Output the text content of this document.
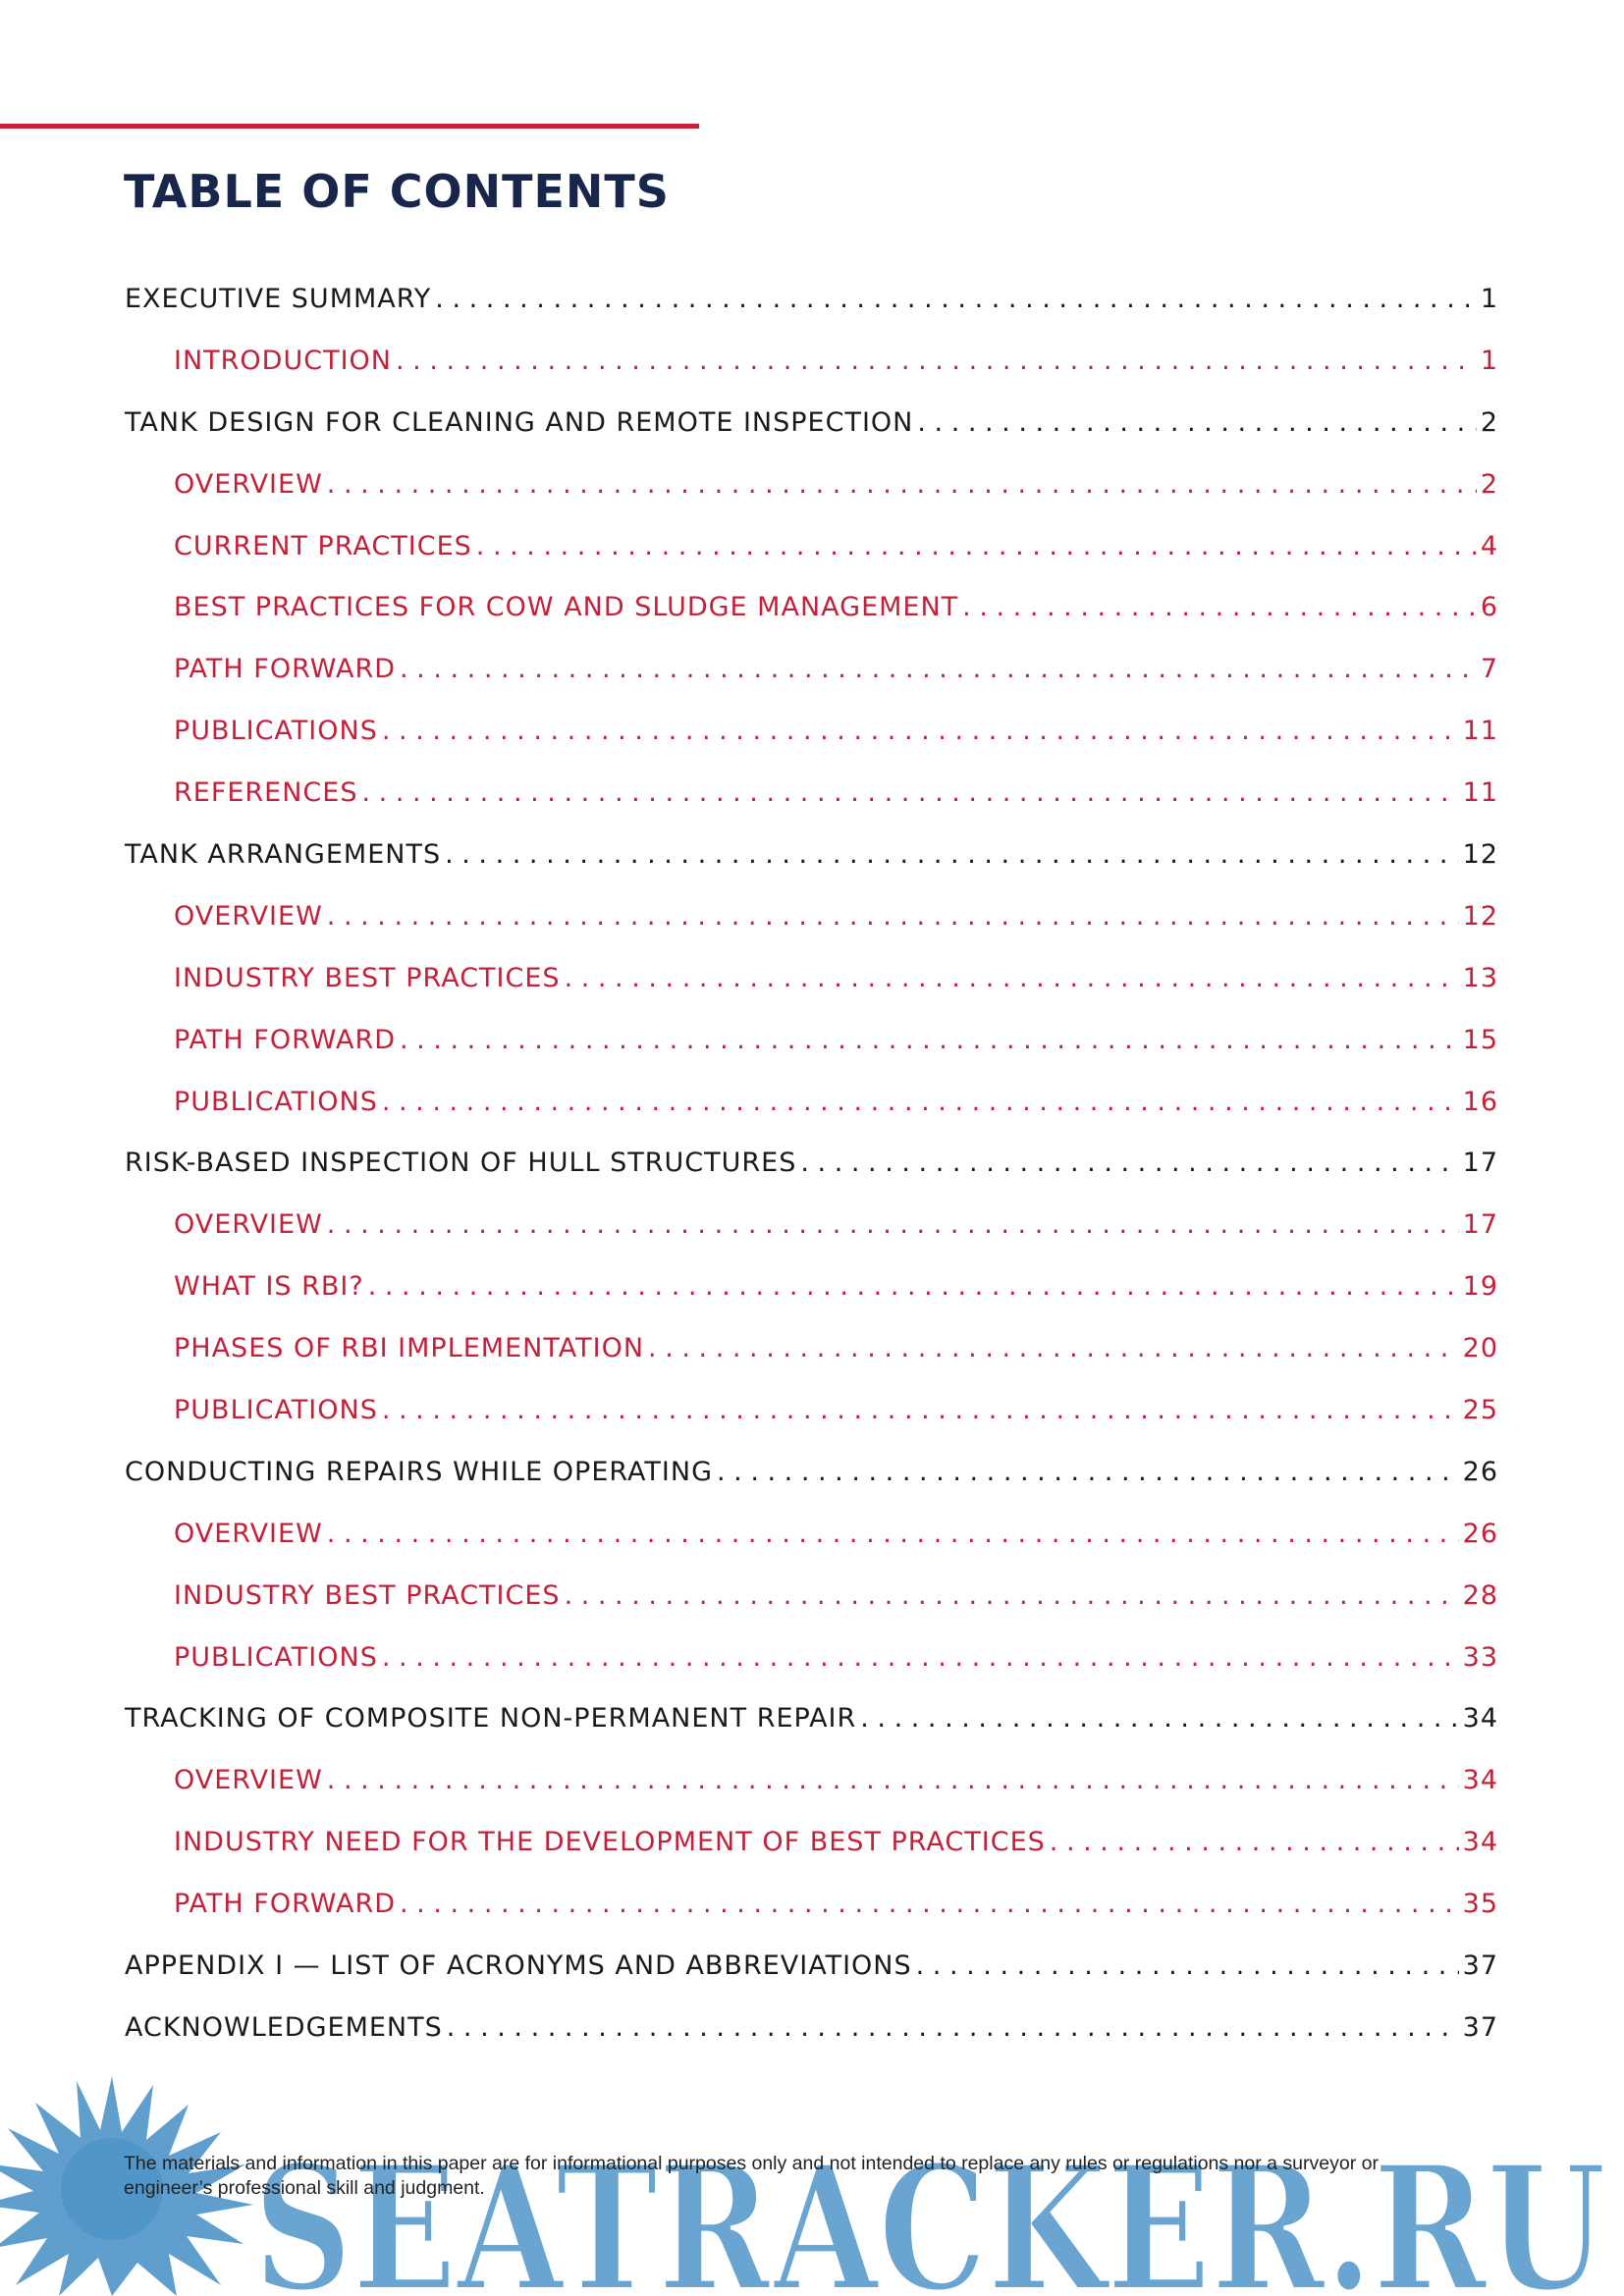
TABLE OF CONTENTS
EXECUTIVE SUMMARY . . .	1
INTRODUCTION . . .	1
TANK DESIGN FOR CLEANING AND REMOTE INSPECTION . . .	2
OVERVIEW . . .	2
CURRENT PRACTICES . . .	4
BEST PRACTICES FOR COW AND SLUDGE MANAGEMENT . . .	6
PATH FORWARD . . .	7
PUBLICATIONS . . .	11
REFERENCES . . .	11
TANK ARRANGEMENTS . . .	12
OVERVIEW . . .	12
INDUSTRY BEST PRACTICES . . .	13
PATH FORWARD . . .	15
PUBLICATIONS . . .	16
RISK-BASED INSPECTION OF HULL STRUCTURES . . .	17
OVERVIEW . . .	17
WHAT IS RBI? . . .	19
PHASES OF RBI IMPLEMENTATION . . .	20
PUBLICATIONS . . .	25
CONDUCTING REPAIRS WHILE OPERATING . . .	26
OVERVIEW . . .	26
INDUSTRY BEST PRACTICES . . .	28
PUBLICATIONS . . .	33
TRACKING OF COMPOSITE NON-PERMANENT REPAIR . . .	34
OVERVIEW . . .	34
INDUSTRY NEED FOR THE DEVELOPMENT OF BEST PRACTICES . . .	34
PATH FORWARD . . .	35
APPENDIX I — LIST OF ACRONYMS AND ABBREVIATIONS . . .	37
ACKNOWLEDGEMENTS . . .	37

The materials and information in this paper are for informational purposes only and not intended to replace any rules or regulations nor a surveyor or engineer’s professional skill and judgment.

SEATRACKER.RU
